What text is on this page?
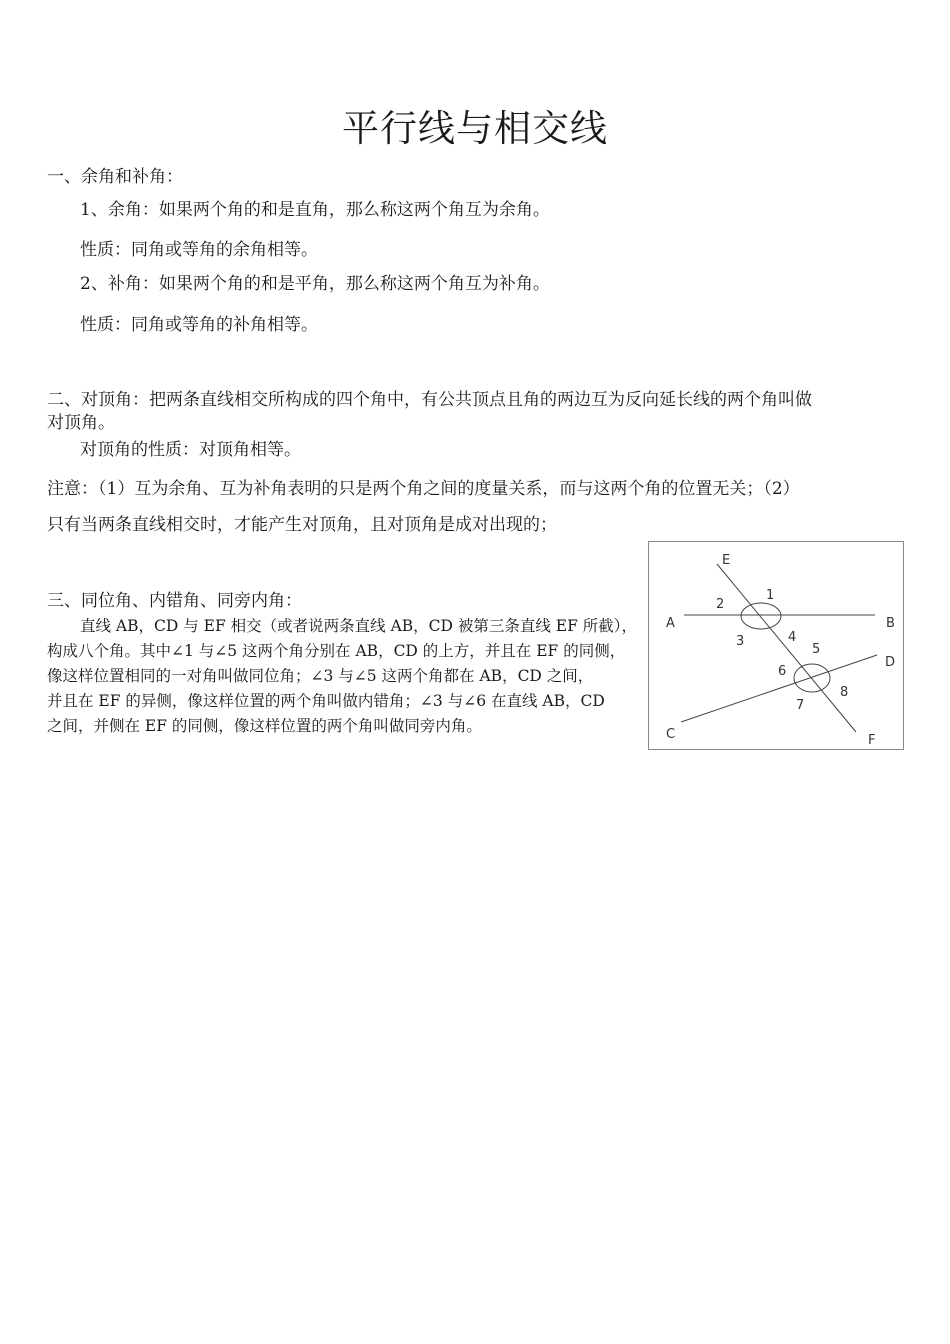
平行线与相交线
一、余角和补角：
1、余角：如果两个角的和是直角，那么称这两个角互为余角。
性质：同角或等角的余角相等。
2、补角：如果两个角的和是平角，那么称这两个角互为补角。
性质：同角或等角的补角相等。
二、对顶角：把两条直线相交所构成的四个角中，有公共顶点且角的两边互为反向延长线的两个角叫做
对顶角。
对顶角的性质：对顶角相等。
注意：（1）互为余角、互为补角表明的只是两个角之间的度量关系，而与这两个角的位置无关；（2）
只有当两条直线相交时，才能产生对顶角，且对顶角是成对出现的；
三、同位角、内错角、同旁内角：
直线 AB，CD 与 EF 相交（或者说两条直线 AB，CD 被第三条直线 EF 所截），
构成八个角。其中∠1 与∠5 这两个角分别在 AB，CD 的上方，并且在 EF 的同侧，
像这样位置相同的一对角叫做同位角；∠3 与∠5 这两个角都在 AB，CD 之间，
并且在 EF 的异侧，像这样位置的两个角叫做内错角；∠3 与∠6 在直线 AB，CD
之间，并侧在 EF 的同侧，像这样位置的两个角叫做同旁内角。
E
A	B
D
C	F
1
2
3	4
5
6
7
8
